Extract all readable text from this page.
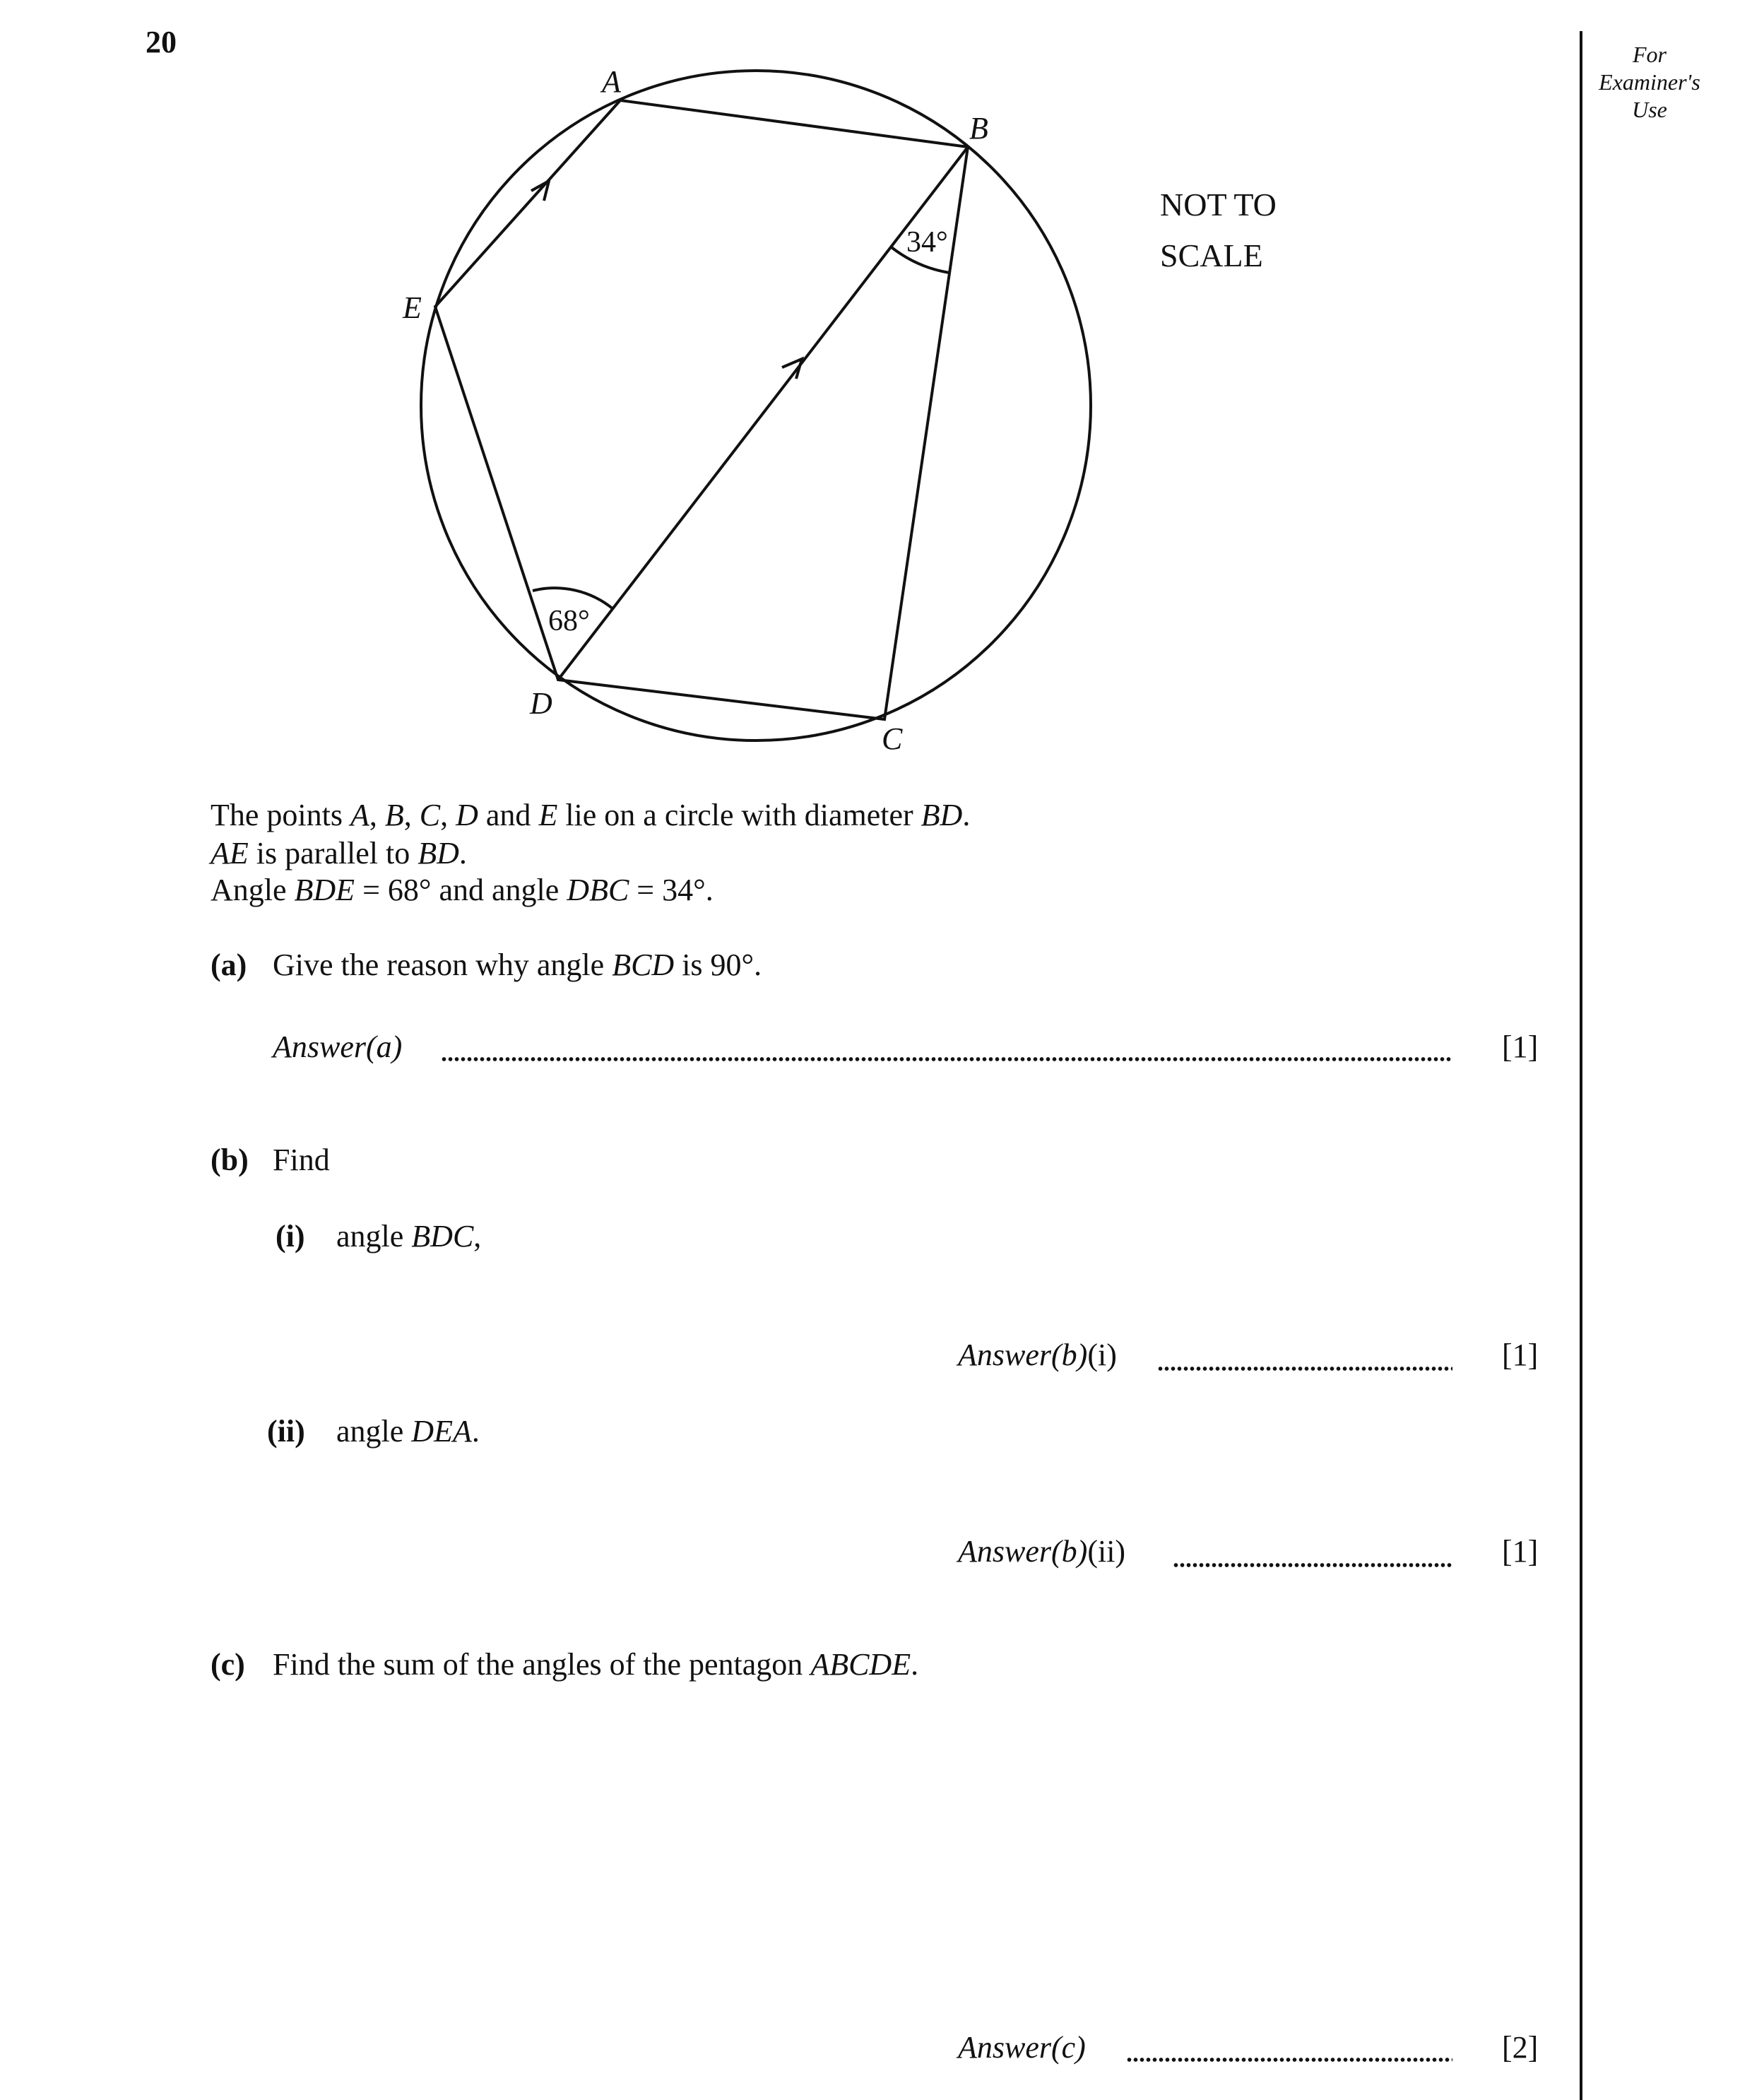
20	For
Examiner's
Use
A
B
C
D
E
34°
68°
NOT TO
SCALE
The points A, B, C, D and E lie on a circle with diameter BD.
AE is parallel to BD.
Angle BDE = 68° and angle DBC = 34°.
(a) Give the reason why angle BCD is 90°.
Answer(a)	[1]
(b) Find
(i) angle BDC,
Answer(b)(i)	[1]
(ii) angle DEA.
Answer(b)(ii)	[1]
(c) Find the sum of the angles of the pentagon ABCDE.
Answer(c)	[2]
